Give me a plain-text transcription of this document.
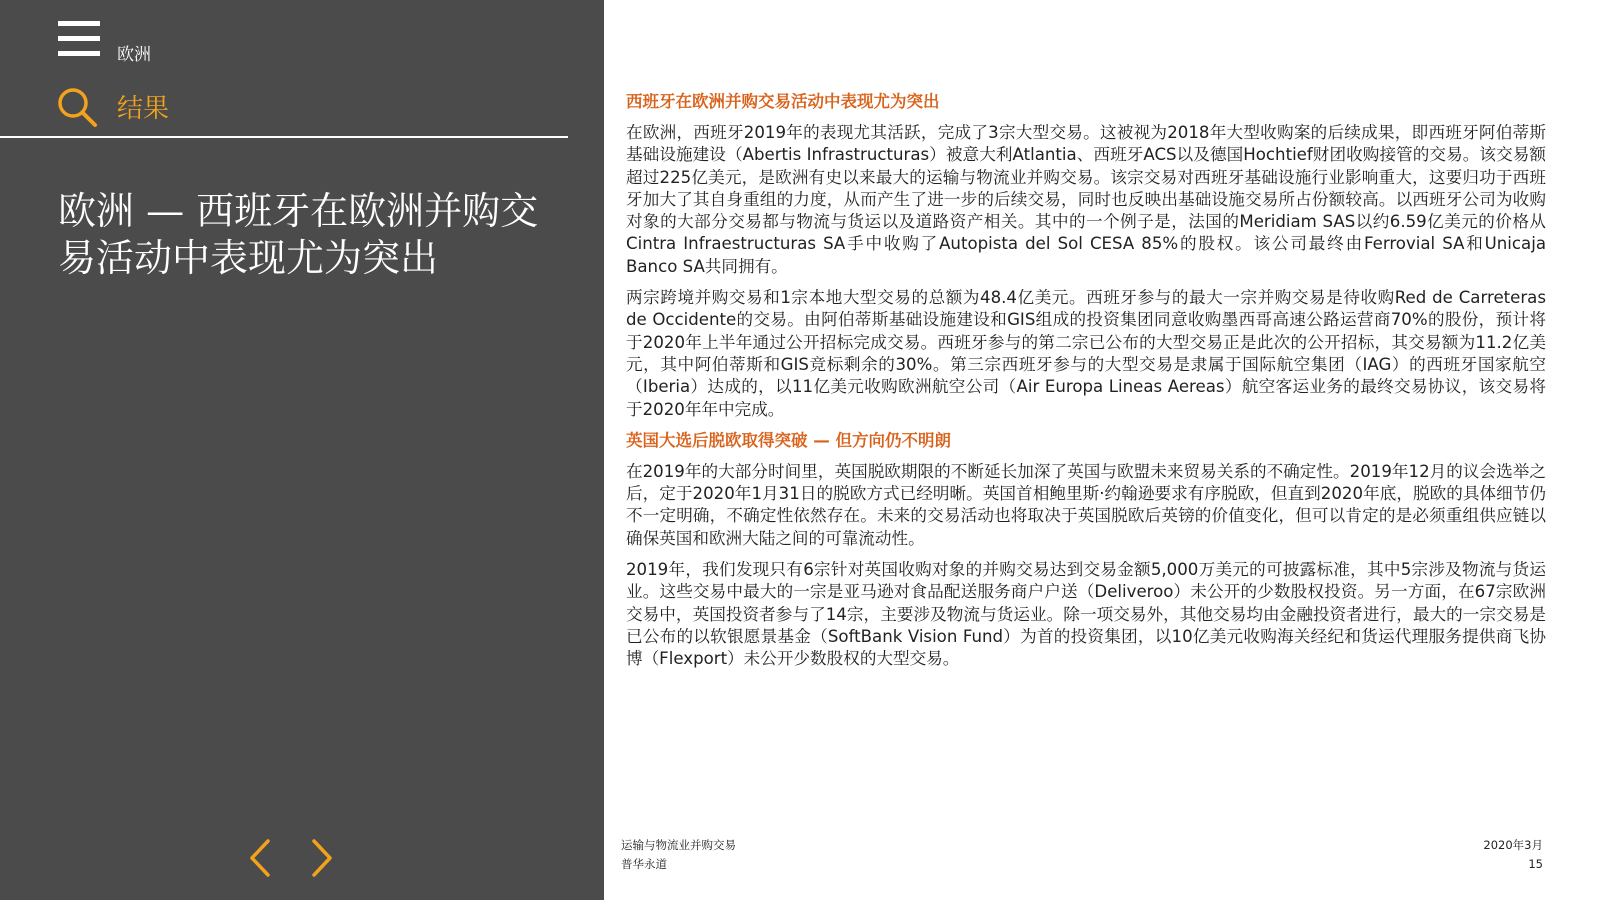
欧洲
结果
欧洲 — 西班牙在欧洲并购交易活动中表现尤为突出
西班牙在欧洲并购交易活动中表现尤为突出

在欧洲，西班牙2019年的表现尤其活跃，完成了3宗大型交易。这被视为2018年大型收购案的后续成果，即西班牙阿伯蒂斯基础设施建设（Abertis Infrastructuras）被意大利Atlantia、西班牙ACS以及德国Hochtief财团收购接管的交易。该交易额超过225亿美元，是欧洲有史以来最大的运输与物流业并购交易。该宗交易对西班牙基础设施行业影响重大，这要归功于西班牙加大了其自身重组的力度，从而产生了进一步的后续交易，同时也反映出基础设施交易所占份额较高。以西班牙公司为收购对象的大部分交易都与物流与货运以及道路资产相关。其中的一个例子是，法国的Meridiam SAS以约6.59亿美元的价格从Cintra Infraestructuras SA手中收购了Autopista del Sol CESA 85%的股权。该公司最终由Ferrovial SA和Unicaja Banco SA共同拥有。

两宗跨境并购交易和1宗本地大型交易的总额为48.4亿美元。西班牙参与的最大一宗并购交易是待收购Red de Carreteras de Occidente的交易。由阿伯蒂斯基础设施建设和GIS组成的投资集团同意收购墨西哥高速公路运营商70%的股份，预计将于2020年上半年通过公开招标完成交易。西班牙参与的第二宗已公布的大型交易正是此次的公开招标，其交易额为11.2亿美元，其中阿伯蒂斯和GIS竞标剩余的30%。第三宗西班牙参与的大型交易是隶属于国际航空集团（IAG）的西班牙国家航空（Iberia）达成的，以11亿美元收购欧洲航空公司（Air Europa Lineas Aereas）航空客运业务的最终交易协议，该交易将于2020年年中完成。

英国大选后脱欧取得突破 — 但方向仍不明朗

在2019年的大部分时间里，英国脱欧期限的不断延长加深了英国与欧盟未来贸易关系的不确定性。2019年12月的议会选举之后，定于2020年1月31日的脱欧方式已经明晰。英国首相鲍里斯·约翰逊要求有序脱欧，但直到2020年底，脱欧的具体细节仍不一定明确，不确定性依然存在。未来的交易活动也将取决于英国脱欧后英镑的价值变化，但可以肯定的是必须重组供应链以确保英国和欧洲大陆之间的可靠流动性。

2019年，我们发现只有6宗针对英国收购对象的并购交易达到交易金额5,000万美元的可披露标准，其中5宗涉及物流与货运业。这些交易中最大的一宗是亚马逊对食品配送服务商户户送（Deliveroo）未公开的少数股权投资。另一方面，在67宗欧洲交易中，英国投资者参与了14宗，主要涉及物流与货运业。除一项交易外，其他交易均由金融投资者进行，最大的一宗交易是已公布的以软银愿景基金（SoftBank Vision Fund）为首的投资集团，以10亿美元收购海关经纪和货运代理服务提供商飞协博（Flexport）未公开少数股权的大型交易。

运输与物流业并购交易
普华永道
2020年3月
15
